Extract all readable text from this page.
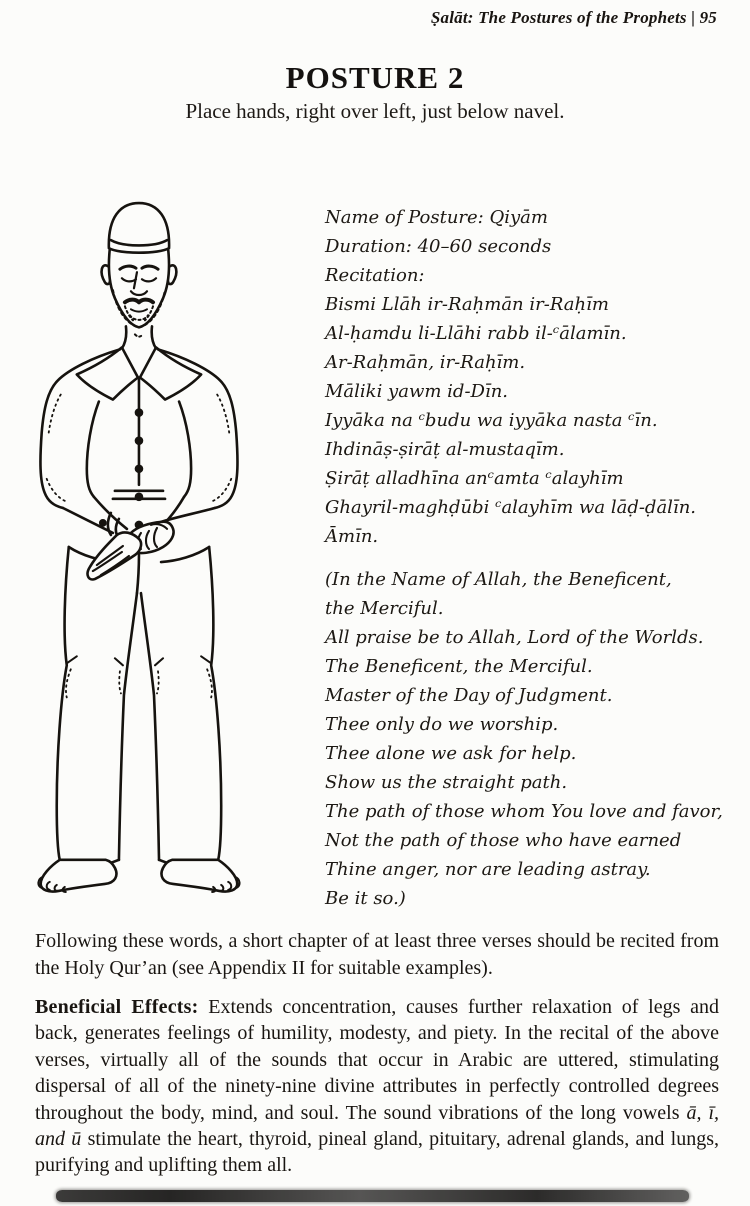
Ṣalāt: The Postures of the Prophets | 95
POSTURE 2
Place hands, right over left, just below navel.
Name of Posture: Qiyām
Duration: 40–60 seconds
Recitation:
Bismi Llāh ir-Raḥmān ir-Raḥīm
Al-ḥamdu li-Llāhi rabb il-ᶜālamīn.
Ar-Raḥmān, ir-Raḥīm.
Māliki yawm id-Dīn.
Iyyāka na ᶜbudu wa iyyāka nasta ᶜīn.
Ihdināṣ-ṣirāṭ al-mustaqīm.
Ṣirāṭ alladhīna anᶜamta ᶜalayhīm
Ghayril-maghḍūbi ᶜalayhīm wa lāḍ-ḍālīn.
Āmīn.
(In the Name of Allah, the Beneficent,
the Merciful.
All praise be to Allah, Lord of the Worlds.
The Beneficent, the Merciful.
Master of the Day of Judgment.
Thee only do we worship.
Thee alone we ask for help.
Show us the straight path.
The path of those whom You love and favor,
Not the path of those who have earned
Thine anger, nor are leading astray.
Be it so.)
Following these words, a short chapter of at least three verses should be recited from the Holy Qur’an (see Appendix II for suitable examples).
Beneficial Effects: Extends concentration, causes further relaxation of legs and back, generates feelings of humility, modesty, and piety. In the recital of the above verses, virtually all of the sounds that occur in Arabic are uttered, stimulating dispersal of all of the ninety-nine divine attributes in perfectly controlled degrees throughout the body, mind, and soul. The sound vibrations of the long vowels ā, ī, and ū stimulate the heart, thyroid, pineal gland, pituitary, adrenal glands, and lungs, purifying and uplifting them all.
